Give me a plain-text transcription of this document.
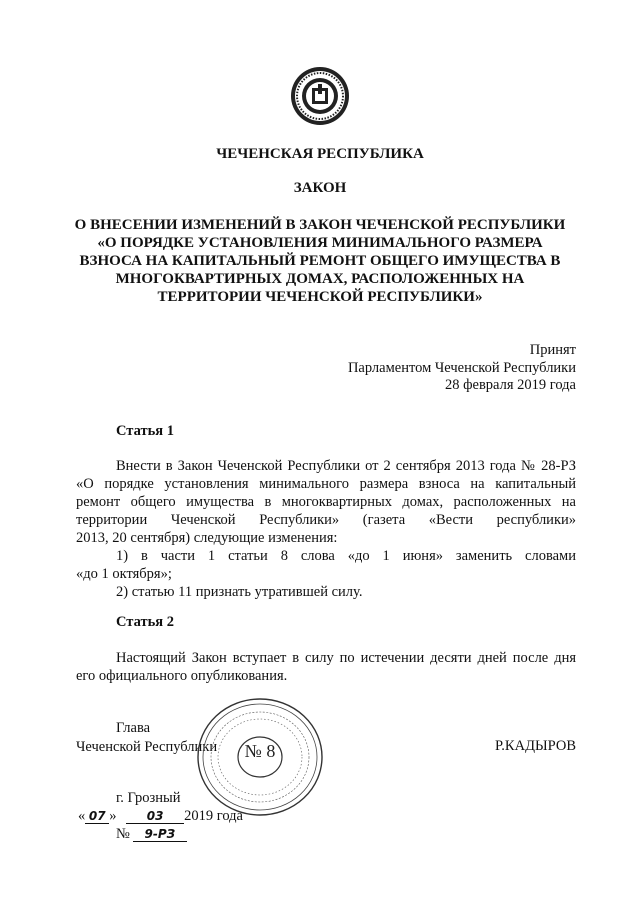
ЧЕЧЕНСКАЯ РЕСПУБЛИКА
ЗАКОН
О ВНЕСЕНИИ ИЗМЕНЕНИЙ В ЗАКОН ЧЕЧЕНСКОЙ РЕСПУБЛИКИ
«О ПОРЯДКЕ УСТАНОВЛЕНИЯ МИНИМАЛЬНОГО РАЗМЕРА
ВЗНОСА НА КАПИТАЛЬНЫЙ РЕМОНТ ОБЩЕГО ИМУЩЕСТВА В
МНОГОКВАРТИРНЫХ ДОМАХ, РАСПОЛОЖЕННЫХ НА
ТЕРРИТОРИИ ЧЕЧЕНСКОЙ РЕСПУБЛИКИ»
Принят
Парламентом Чеченской Республики
28 февраля 2019 года
Статья 1
Внести в Закон Чеченской Республики от 2 сентября 2013 года № 28-РЗ
«О порядке установления минимального размера взноса на капитальный
ремонт общего имущества в многоквартирных домах, расположенных на
территории Чеченской Республики» (газета «Вести республики»
2013, 20 сентября) следующие изменения:
1) в части 1 статьи 8 слова «до 1 июня» заменить словами
«до 1 октября»;
2) статью 11 признать утратившей силу.
Статья 2
Настоящий Закон вступает в силу по истечении десяти дней после дня
его официального опубликования.
Глава
Чеченской Республики	Р.КАДЫРОВ
№ 8
г. Грозный
« 07 »	03 2019 года
№ 9-РЗ
